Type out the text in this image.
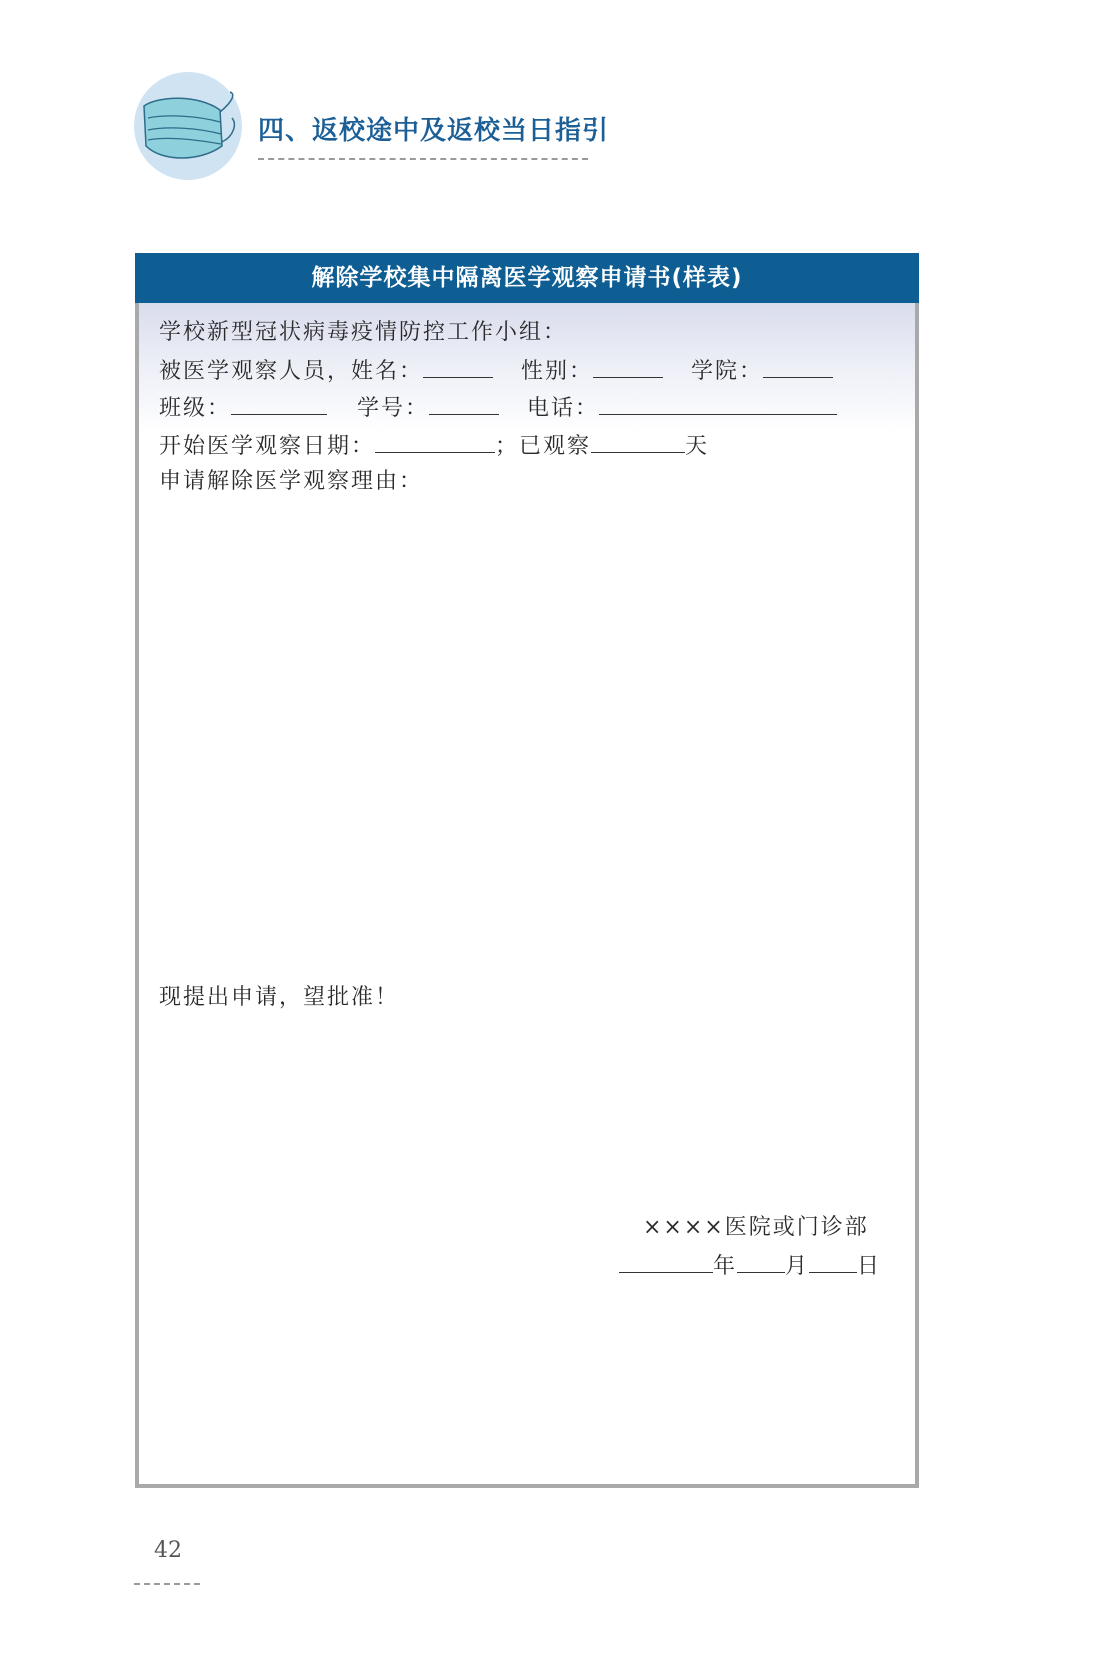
四、返校途中及返校当日指引
解除学校集中隔离医学观察申请书(样表)
学校新型冠状病毒疫情防控工作小组：
被医学观察人员，姓名：	性别：	学院：
班级：	学号：	电话：
开始医学观察日期：	；已观察	天
申请解除医学观察理由：
现提出申请，望批准！
××××医院或门诊部
年 月 日
42
